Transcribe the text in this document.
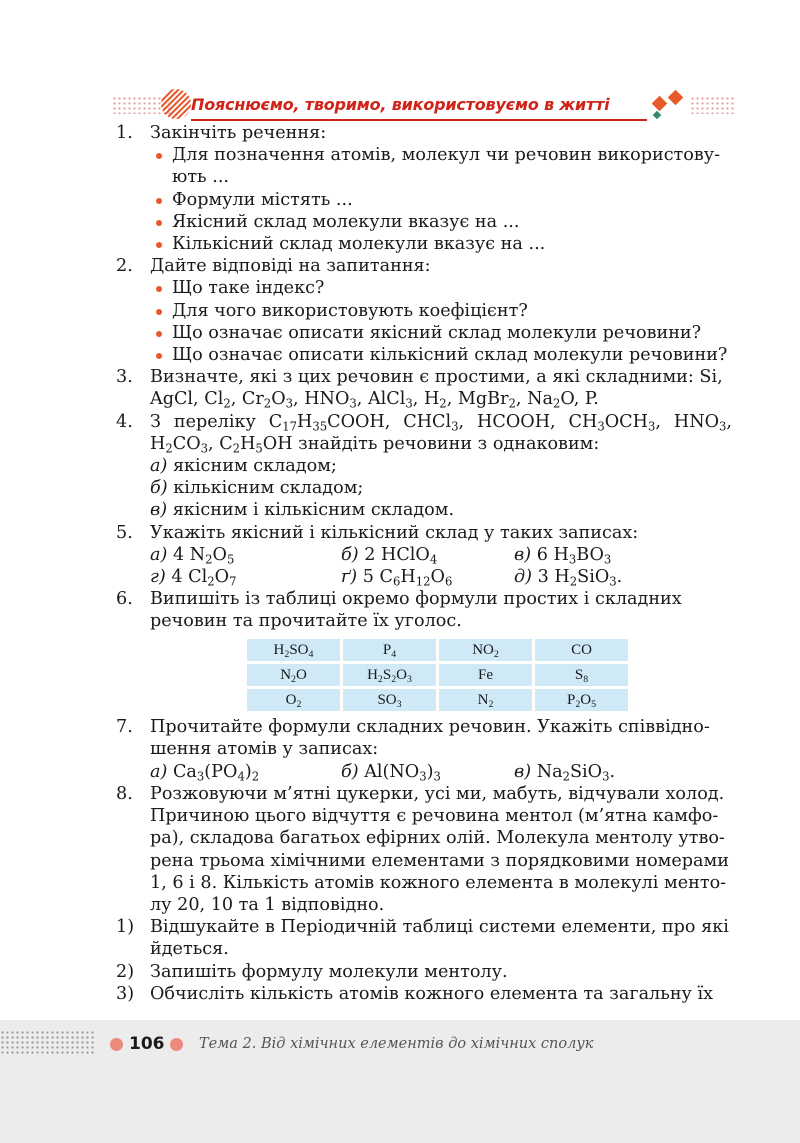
Пояснюємо, творимо, використовуємо в житті
1. Закінчіть речення:
Для позначення атомів, молекул чи речовин використову-
ють ...
Формули містять ...
Якісний склад молекули вказує на ...
Кількісний склад молекули вказує на ...
2. Дайте відповіді на запитання:
Що таке індекс?
Для чого використовують коефіцієнт?
Що означає описати якісний склад молекули речовини?
Що означає описати кількісний склад молекули речовини?
3. Визначте, які з цих речовин є простими, а які складними: Si,
AgCl, $Cl_2$, $Cr_2O_3$, $HNO_3$, AlCl$_3$, $H_2$, MgBr$_2$, $Na_2O$, P.
4. З переліку $C_{17}H_{35}COOH$, CHCl$_3$, HCOOH, $CH_3OCH_3$, $HNO_3$,
$H_2CO_3$, $C_2H_5OH$ знайдіть речовини з однаковим:
а) якісним складом;
б) кількісним складом;
в) якісним і кількісним складом.
5. Укажіть якісний і кількісний склад у таких записах:
а) 4 $N_2O_5$	б) 2 HClO$_4$	в) 6 $H_3BO_3$
г) 4 $Cl_2O_7$	ґ) 5 $C_6H_{12}O_6$	д) 3 $H_2SiO_3$.
6. Випишіть із таблиці окремо формули простих і складних
речовин та прочитайте їх уголос.
$H_2SO_4$	$P_4$	$NO_2$	CO
$N_2O$	$H_2S_2O_3$	Fe	$S_8$
$O_2$	$SO_3$	$N_2$	$P_2O_5$
7. Прочитайте формули складних речовин. Укажіть співвідно-
шення атомів у записах:
а) $Ca_3(PO_4)_2$	б) $Al(NO_3)_3$	в) $Na_2SiO_3$.
8. Розжовуючи м’ятні цукерки, усі ми, мабуть, відчували холод.
Причиною цього відчуття є речовина ментол (м’ятна камфо-
ра), складова багатьох ефірних олій. Молекула ментолу утво-
рена трьома хімічними елементами з порядковими номерами
1, 6 і 8. Кількість атомів кожного елемента в молекулі менто-
лу 20, 10 та 1 відповідно.
1) Відшукайте в Періодичній таблиці системи елементи, про які
йдеться.
2) Запишіть формулу молекули ментолу.
3) Обчисліть кількість атомів кожного елемента та загальну їх
106 Тема 2. Від хімічних елементів до хімічних сполук
